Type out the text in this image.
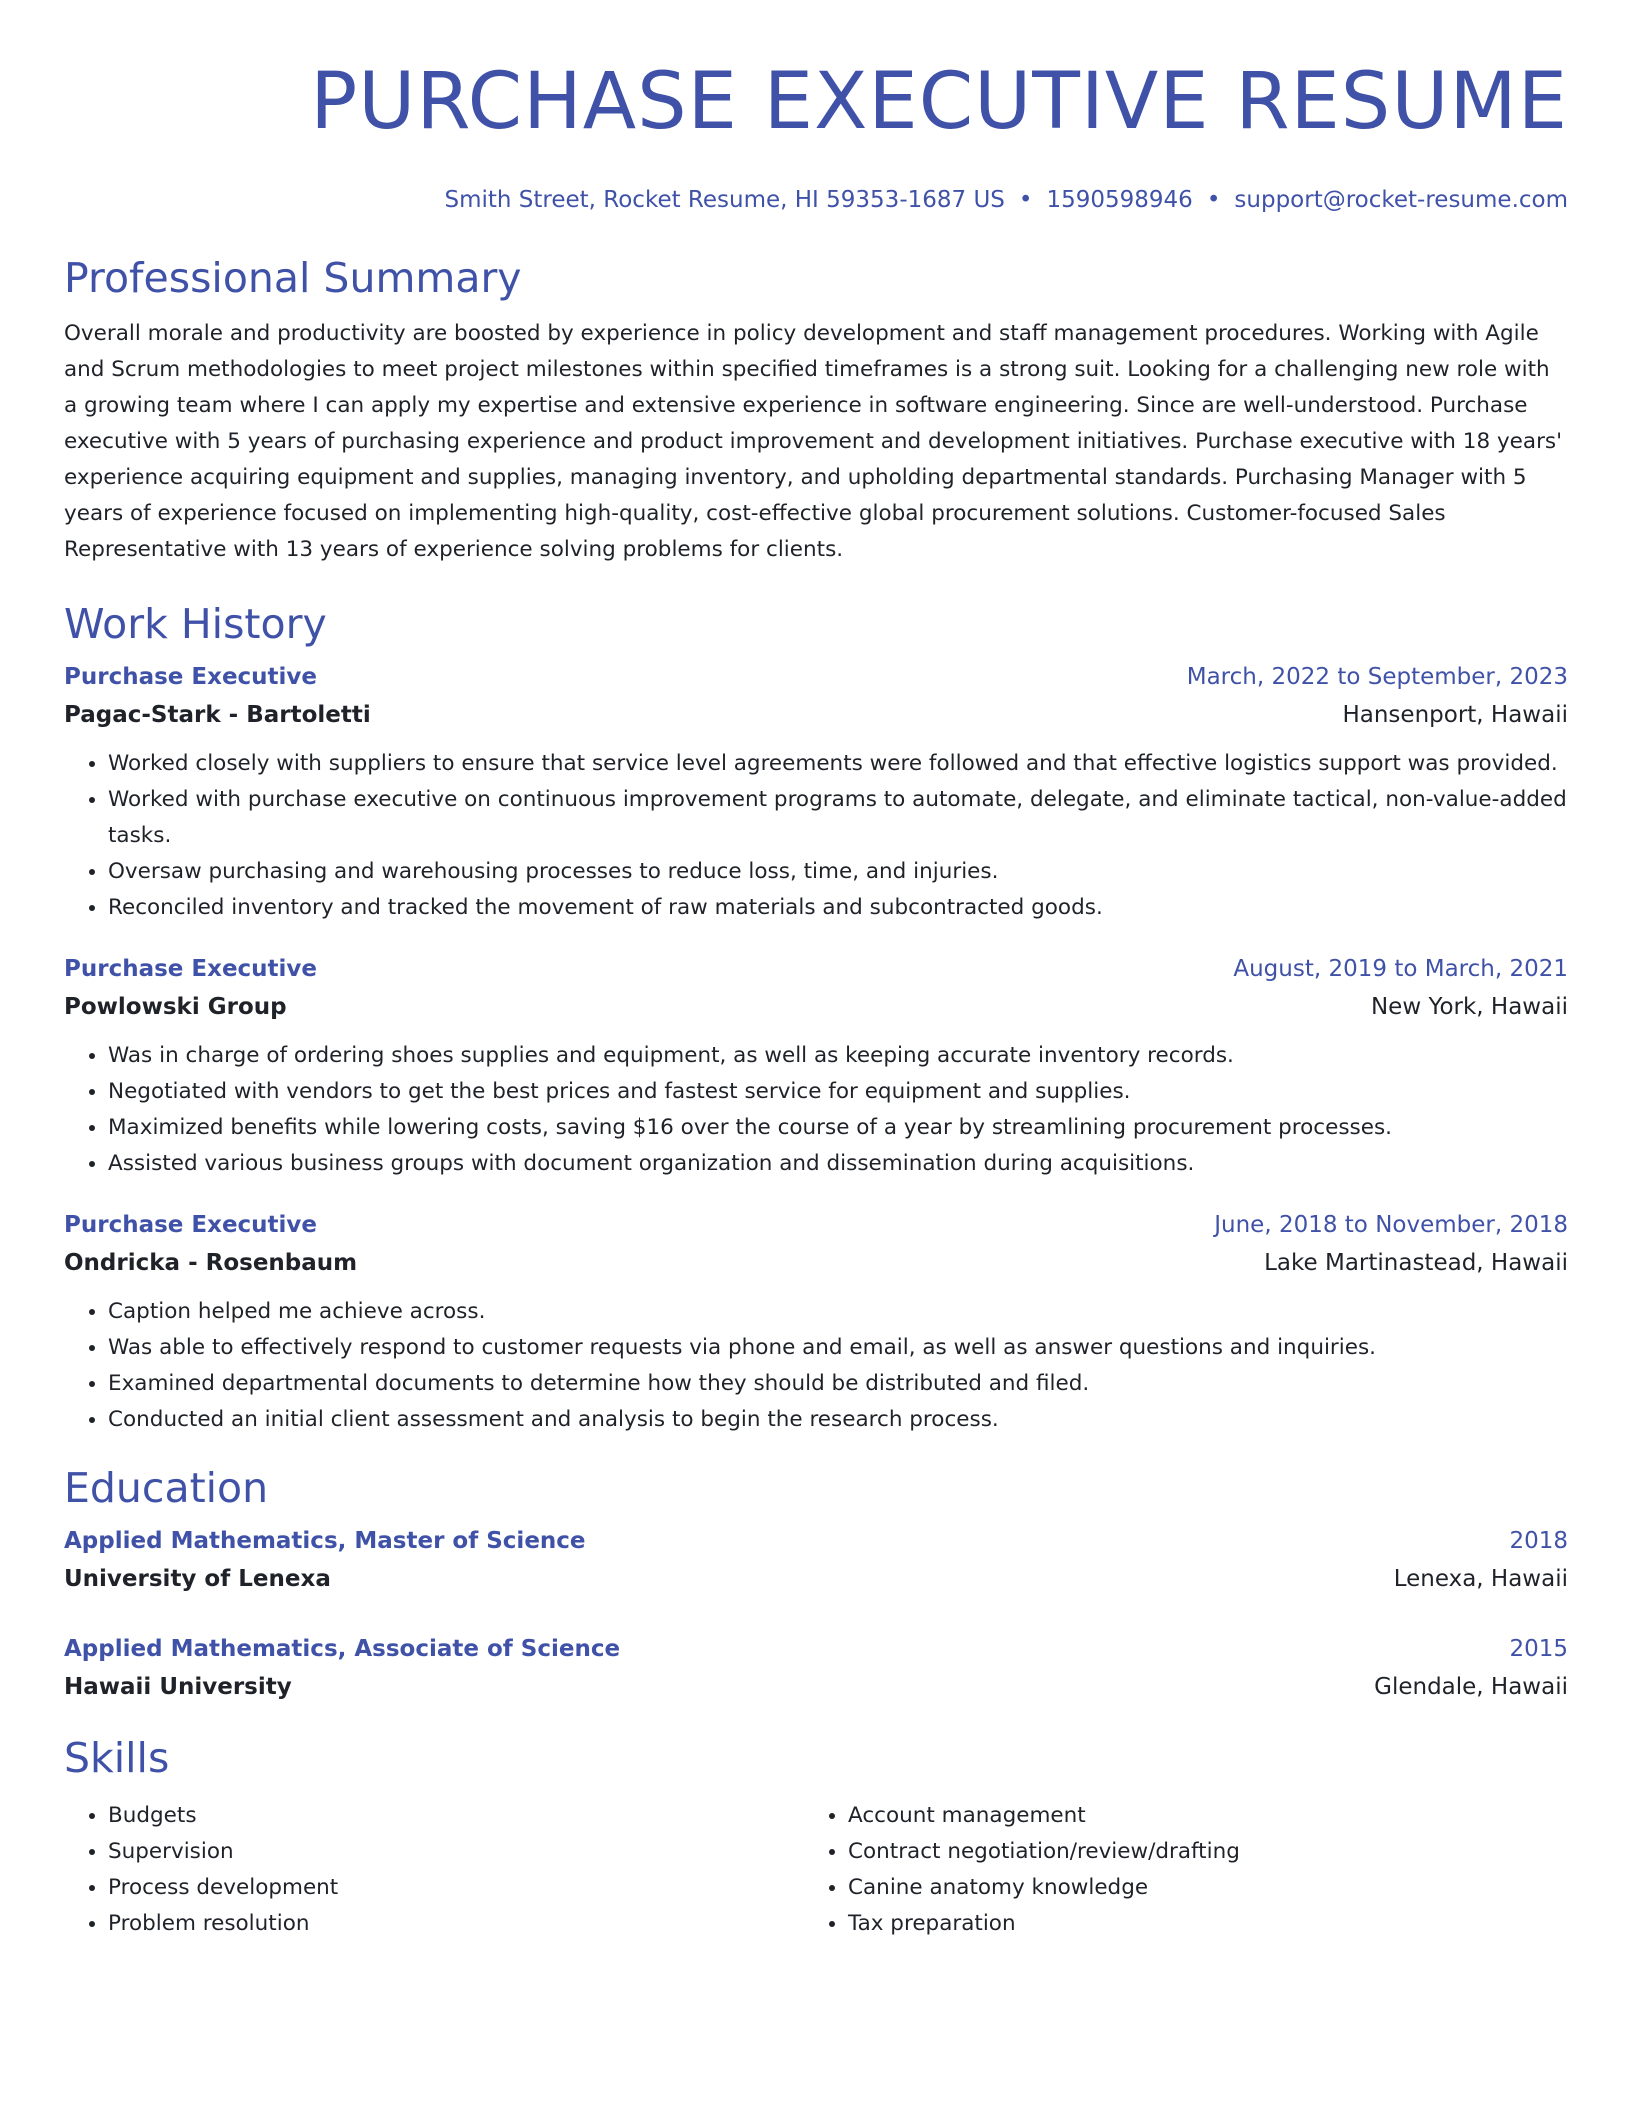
PURCHASE EXECUTIVE RESUME
Smith Street, Rocket Resume, HI 59353-1687 US • 1590598946 • support@rocket-resume.com
Professional Summary
Overall morale and productivity are boosted by experience in policy development and staff management procedures. Working with Agile and Scrum methodologies to meet project milestones within specified timeframes is a strong suit. Looking for a challenging new role with a growing team where I can apply my expertise and extensive experience in software engineering. Since are well-understood. Purchase executive with 5 years of purchasing experience and product improvement and development initiatives. Purchase executive with 18 years' experience acquiring equipment and supplies, managing inventory, and upholding departmental standards. Purchasing Manager with 5 years of experience focused on implementing high-quality, cost-effective global procurement solutions. Customer-focused Sales Representative with 13 years of experience solving problems for clients.
Work History
Purchase Executive	March, 2022 to September, 2023
Pagac-Stark - Bartoletti	Hansenport, Hawaii
• Worked closely with suppliers to ensure that service level agreements were followed and that effective logistics support was provided.
• Worked with purchase executive on continuous improvement programs to automate, delegate, and eliminate tactical, non-value-added tasks.
• Oversaw purchasing and warehousing processes to reduce loss, time, and injuries.
• Reconciled inventory and tracked the movement of raw materials and subcontracted goods.
Purchase Executive	August, 2019 to March, 2021
Powlowski Group	New York, Hawaii
• Was in charge of ordering shoes supplies and equipment, as well as keeping accurate inventory records.
• Negotiated with vendors to get the best prices and fastest service for equipment and supplies.
• Maximized benefits while lowering costs, saving $16 over the course of a year by streamlining procurement processes.
• Assisted various business groups with document organization and dissemination during acquisitions.
Purchase Executive	June, 2018 to November, 2018
Ondricka - Rosenbaum	Lake Martinastead, Hawaii
• Caption helped me achieve across.
• Was able to effectively respond to customer requests via phone and email, as well as answer questions and inquiries.
• Examined departmental documents to determine how they should be distributed and filed.
• Conducted an initial client assessment and analysis to begin the research process.
Education
Applied Mathematics, Master of Science	2018
University of Lenexa	Lenexa, Hawaii
Applied Mathematics, Associate of Science	2015
Hawaii University	Glendale, Hawaii
Skills
• Budgets
• Supervision
• Process development
• Problem resolution
• Account management
• Contract negotiation/review/drafting
• Canine anatomy knowledge
• Tax preparation
